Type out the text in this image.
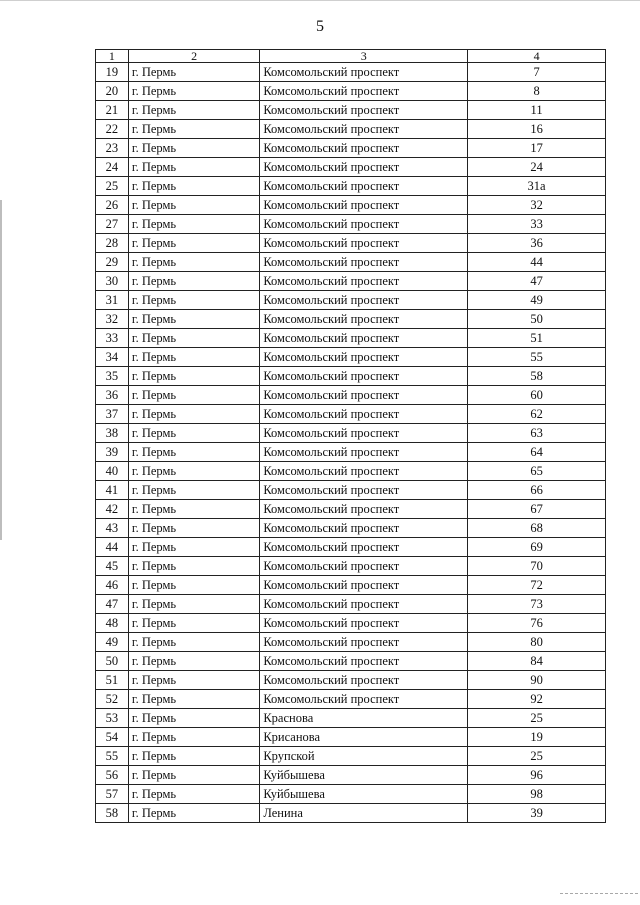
5
1	2	3	4
19	г. Пермь	Комсомольский проспект	7
20	г. Пермь	Комсомольский проспект	8
21	г. Пермь	Комсомольский проспект	11
22	г. Пермь	Комсомольский проспект	16
23	г. Пермь	Комсомольский проспект	17
24	г. Пермь	Комсомольский проспект	24
25	г. Пермь	Комсомольский проспект	31а
26	г. Пермь	Комсомольский проспект	32
27	г. Пермь	Комсомольский проспект	33
28	г. Пермь	Комсомольский проспект	36
29	г. Пермь	Комсомольский проспект	44
30	г. Пермь	Комсомольский проспект	47
31	г. Пермь	Комсомольский проспект	49
32	г. Пермь	Комсомольский проспект	50
33	г. Пермь	Комсомольский проспект	51
34	г. Пермь	Комсомольский проспект	55
35	г. Пермь	Комсомольский проспект	58
36	г. Пермь	Комсомольский проспект	60
37	г. Пермь	Комсомольский проспект	62
38	г. Пермь	Комсомольский проспект	63
39	г. Пермь	Комсомольский проспект	64
40	г. Пермь	Комсомольский проспект	65
41	г. Пермь	Комсомольский проспект	66
42	г. Пермь	Комсомольский проспект	67
43	г. Пермь	Комсомольский проспект	68
44	г. Пермь	Комсомольский проспект	69
45	г. Пермь	Комсомольский проспект	70
46	г. Пермь	Комсомольский проспект	72
47	г. Пермь	Комсомольский проспект	73
48	г. Пермь	Комсомольский проспект	76
49	г. Пермь	Комсомольский проспект	80
50	г. Пермь	Комсомольский проспект	84
51	г. Пермь	Комсомольский проспект	90
52	г. Пермь	Комсомольский проспект	92
53	г. Пермь	Краснова	25
54	г. Пермь	Крисанова	19
55	г. Пермь	Крупской	25
56	г. Пермь	Куйбышева	96
57	г. Пермь	Куйбышева	98
58	г. Пермь	Ленина	39
